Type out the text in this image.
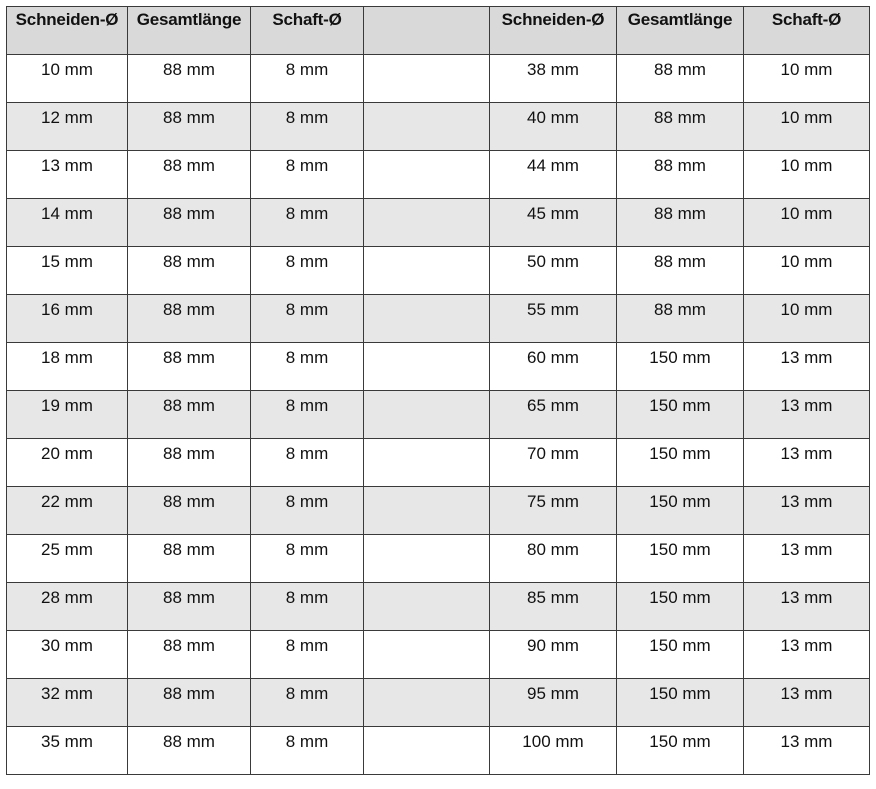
Schneiden-Ø	Gesamtlänge	Schaft-Ø		Schneiden-Ø	Gesamtlänge	Schaft-Ø
10 mm	88 mm	8 mm		38 mm	88 mm	10 mm
12 mm	88 mm	8 mm		40 mm	88 mm	10 mm
13 mm	88 mm	8 mm		44 mm	88 mm	10 mm
14 mm	88 mm	8 mm		45 mm	88 mm	10 mm
15 mm	88 mm	8 mm		50 mm	88 mm	10 mm
16 mm	88 mm	8 mm		55 mm	88 mm	10 mm
18 mm	88 mm	8 mm		60 mm	150 mm	13 mm
19 mm	88 mm	8 mm		65 mm	150 mm	13 mm
20 mm	88 mm	8 mm		70 mm	150 mm	13 mm
22 mm	88 mm	8 mm		75 mm	150 mm	13 mm
25 mm	88 mm	8 mm		80 mm	150 mm	13 mm
28 mm	88 mm	8 mm		85 mm	150 mm	13 mm
30 mm	88 mm	8 mm		90 mm	150 mm	13 mm
32 mm	88 mm	8 mm		95 mm	150 mm	13 mm
35 mm	88 mm	8 mm		100 mm	150 mm	13 mm
